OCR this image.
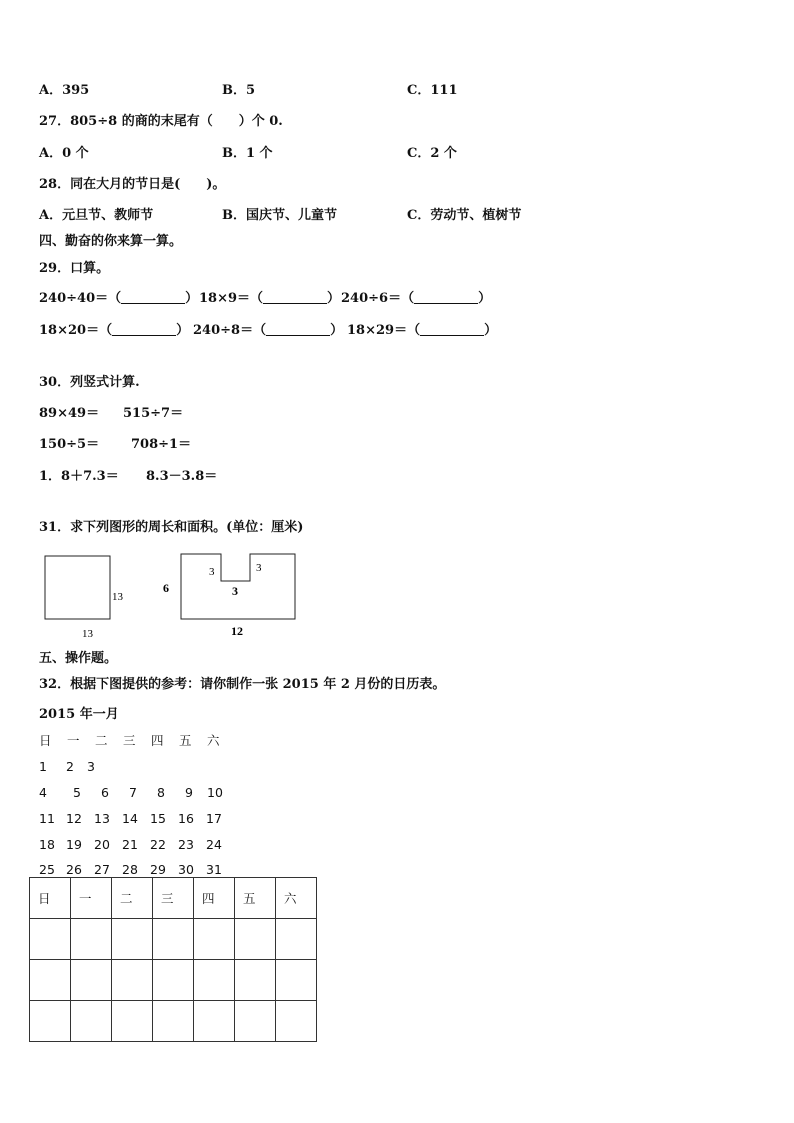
A．395	B．5	C．111
27．805÷8 的商的末尾有（　　）个 0.
A．0 个	B．1 个	C．2 个
28．同在大月的节日是(　　)。
A．元旦节、教师节	B．国庆节、儿童节	C．劳动节、植树节
四、勤奋的你来算一算。
29．口算。
240÷40＝（	） 18×9＝（	） 240÷6＝（	）
18×20＝（	） 240÷8＝（	） 18×29＝（	）
30．列竖式计算.
89×49＝ 515÷7＝
150÷5＝ 708÷1＝
1．8＋7.3＝ 8.3－3.8＝
31．求下列图形的周长和面积。(单位：厘米)
13
13
6
3	3
3
12
五、操作题。
32．根据下图提供的参考：请你制作一张 2015 年 2 月份的日历表。
2015 年一月
日 一 二 三 四 五 六
1 2 3
4 5 6 7 8 9 10
11 12 13 14 15 16 17
18 19 20 21 22 23 24
25 26 27 28 29 30 31
日	一	二	三	四	五	六
